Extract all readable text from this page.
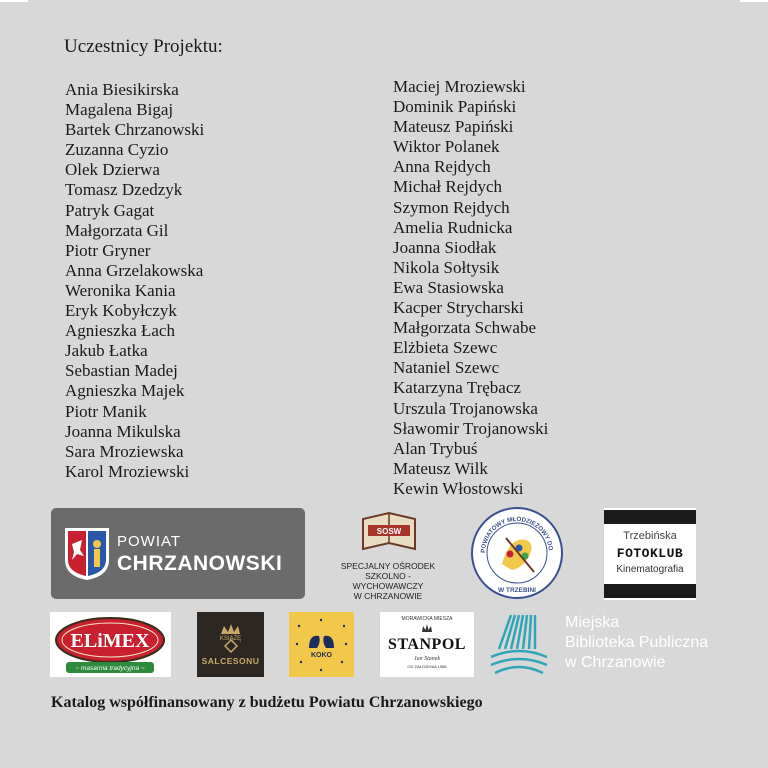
Uczestnicy Projektu:
Ania Biesikirska
Magalena Bigaj
Bartek Chrzanowski
Zuzanna Cyzio
Olek Dzierwa
Tomasz Dzedzyk
Patryk Gagat
Małgorzata Gil
Piotr Gryner
Anna Grzelakowska
Weronika Kania
Eryk Kobyłczyk
Agnieszka Łach
Jakub Łatka
Sebastian Madej
Agnieszka Majek
Piotr Manik
Joanna Mikulska
Sara Mroziewska
Karol Mroziewski
Maciej Mroziewski
Dominik Papiński
Mateusz Papiński
Wiktor Polanek
Anna Rejdych
Michał Rejdych
Szymon Rejdych
Amelia Rudnicka
Joanna Siodłak
Nikola Sołtysik
Ewa Stasiowska
Kacper Strycharski
Małgorzata Schwabe
Elżbieta Szewc
Nataniel Szewc
Katarzyna Trębacz
Urszula Trojanowska
Sławomir Trojanowski
Alan Trybuś
Mateusz Wilk
Kewin Włostowski
POWIAT
CHRZANOWSKI
SOSW
SPECJALNY OŚRODEK
SZKOLNO - WYCHOWAWCZY
W CHRZANOWIE
POWIATOWY MŁODZIEŻOWY DO
W TRZEBINI
Trzebińska
FOTOKLUB
Kinematografia
ELiMEX
~ masarnia tradycyjna ~
KSIĄŻĘ
SALCESONU
KOKO
MORAWICKA MIESZA
STANPOL
Jan Stanek
OD ZAŁOŻENIA 1988
Miejska
Biblioteka Publiczna
w Chrzanowie
Katalog współfinansowany z budżetu Powiatu Chrzanowskiego
